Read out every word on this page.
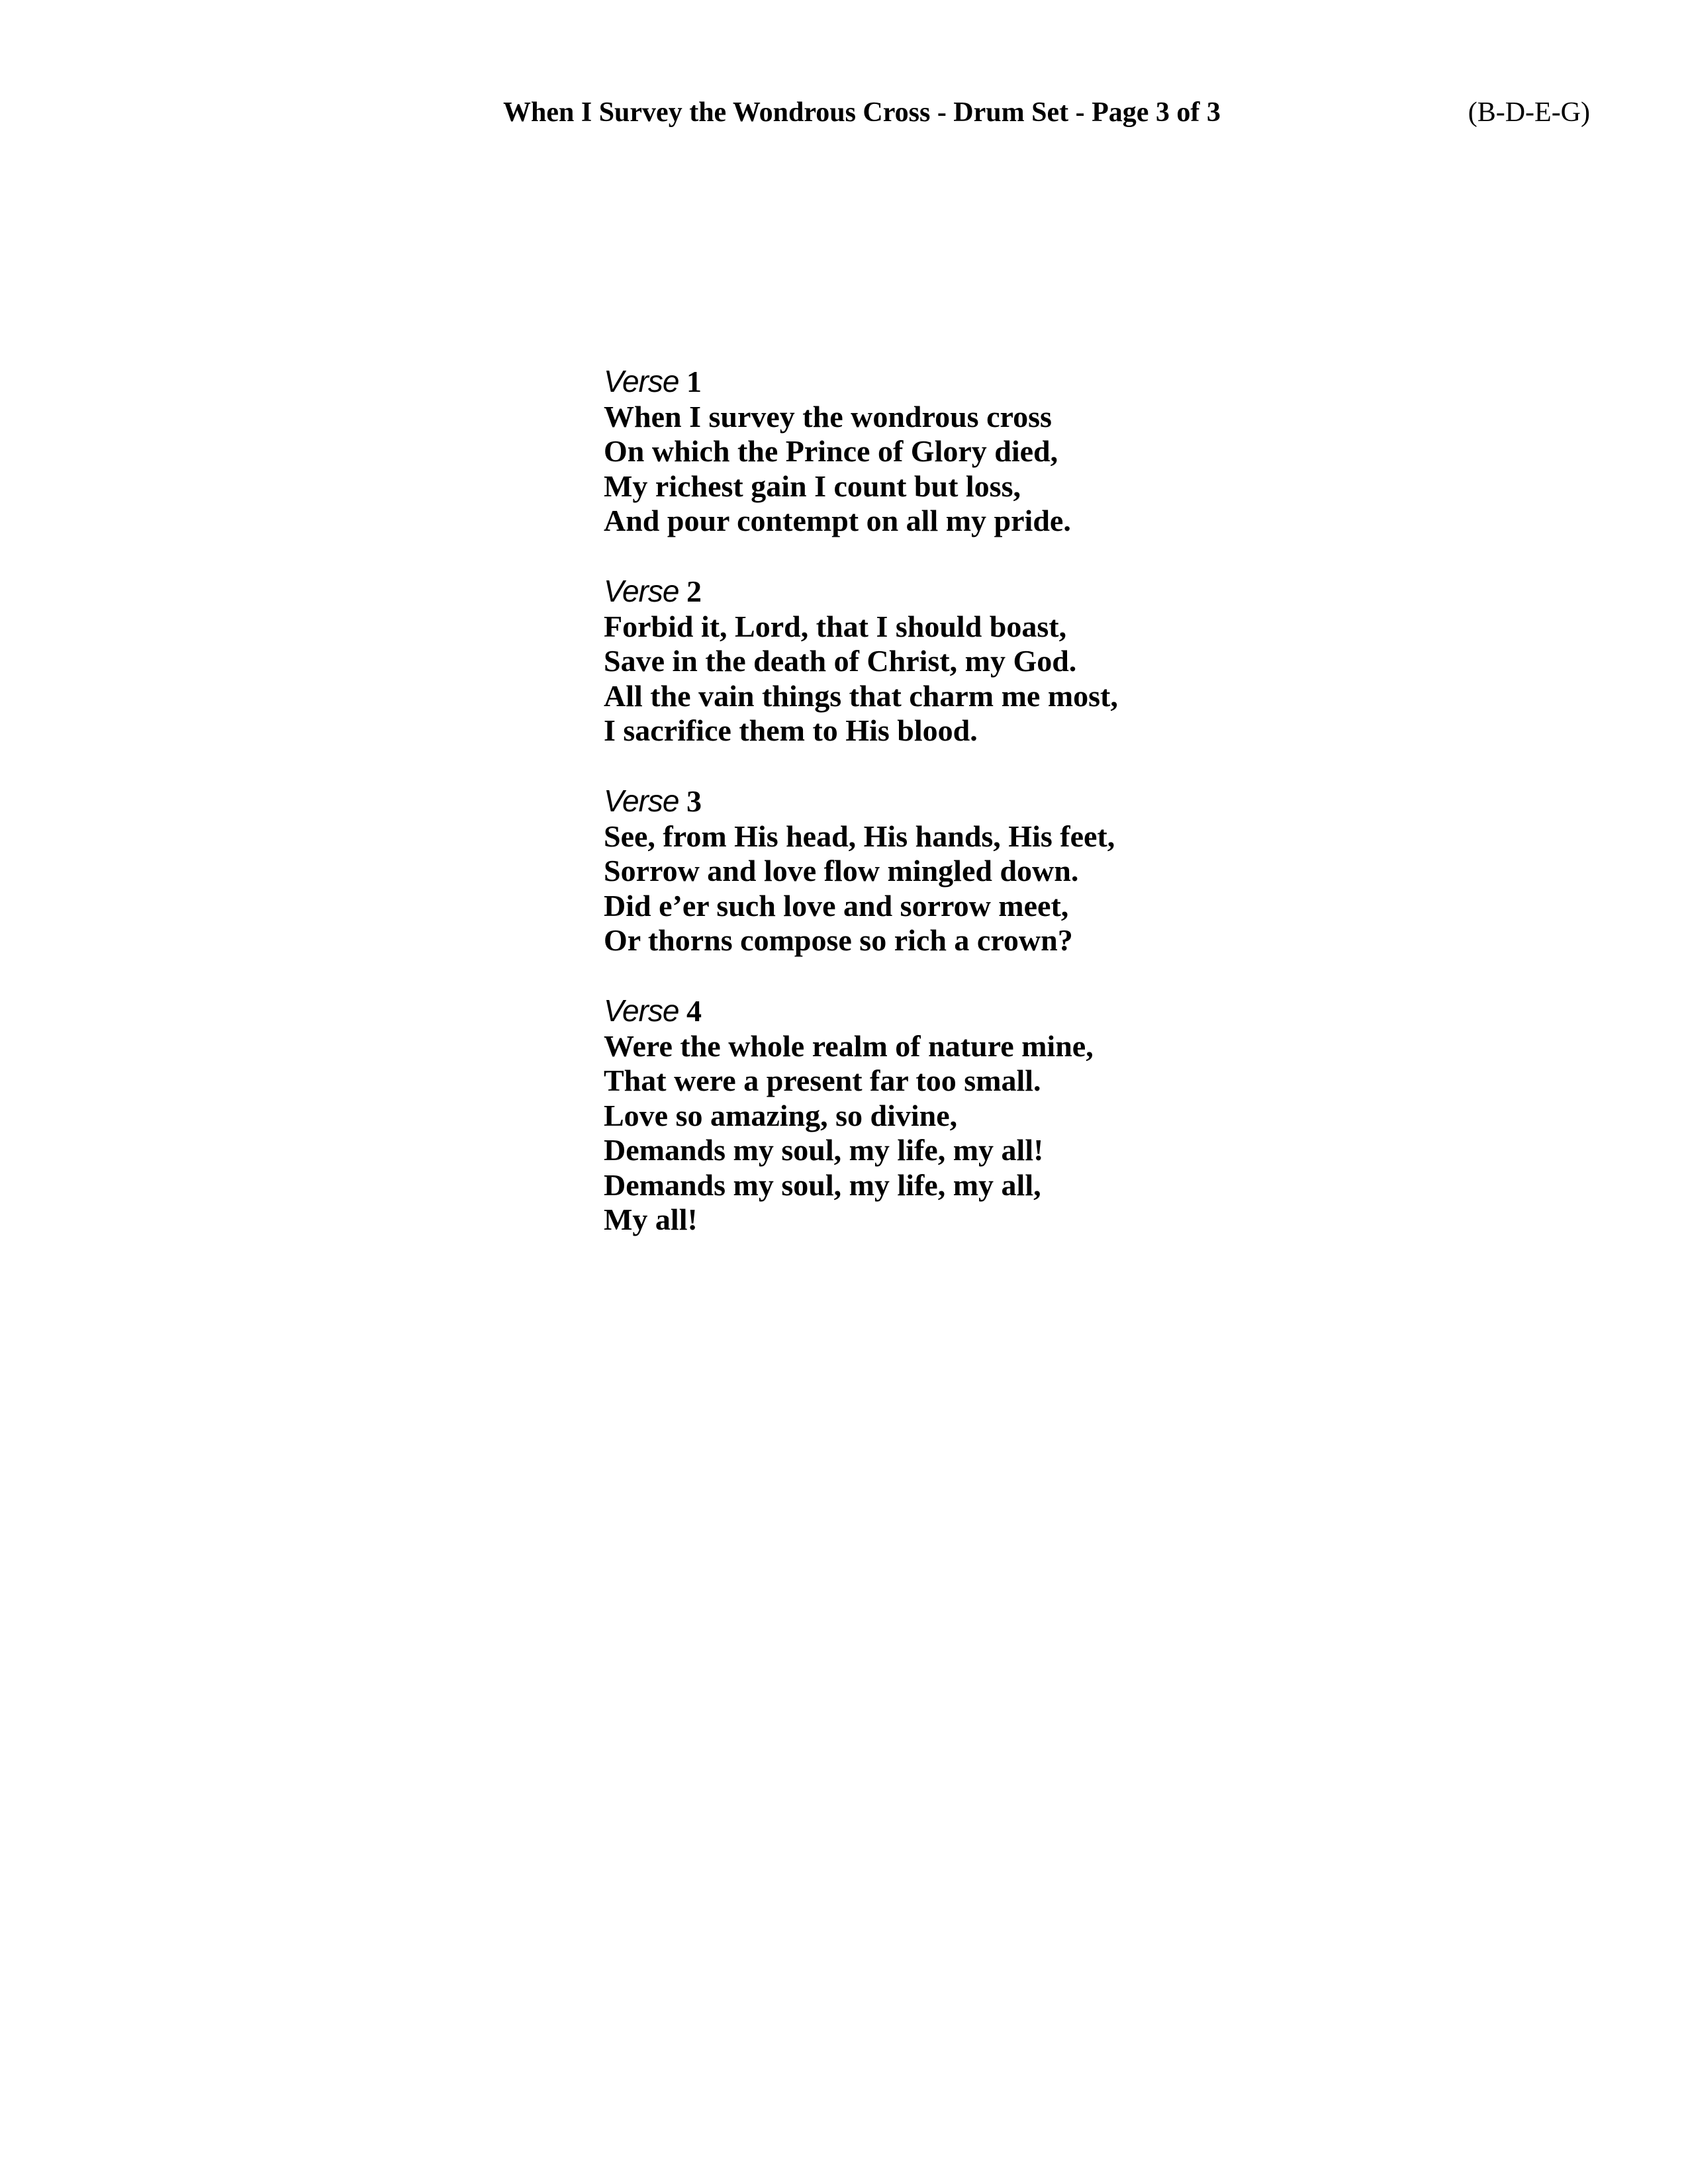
When I Survey the Wondrous Cross - Drum Set - Page 3 of 3	(B-D-E-G)
Verse 1
When I survey the wondrous cross
On which the Prince of Glory died,
My richest gain I count but loss,
And pour contempt on all my pride.
Verse 2
Forbid it, Lord, that I should boast,
Save in the death of Christ, my God.
All the vain things that charm me most,
I sacrifice them to His blood.
Verse 3
See, from His head, His hands, His feet,
Sorrow and love flow mingled down.
Did e’er such love and sorrow meet,
Or thorns compose so rich a crown?
Verse 4
Were the whole realm of nature mine,
That were a present far too small.
Love so amazing, so divine,
Demands my soul, my life, my all!
Demands my soul, my life, my all,
My all!
